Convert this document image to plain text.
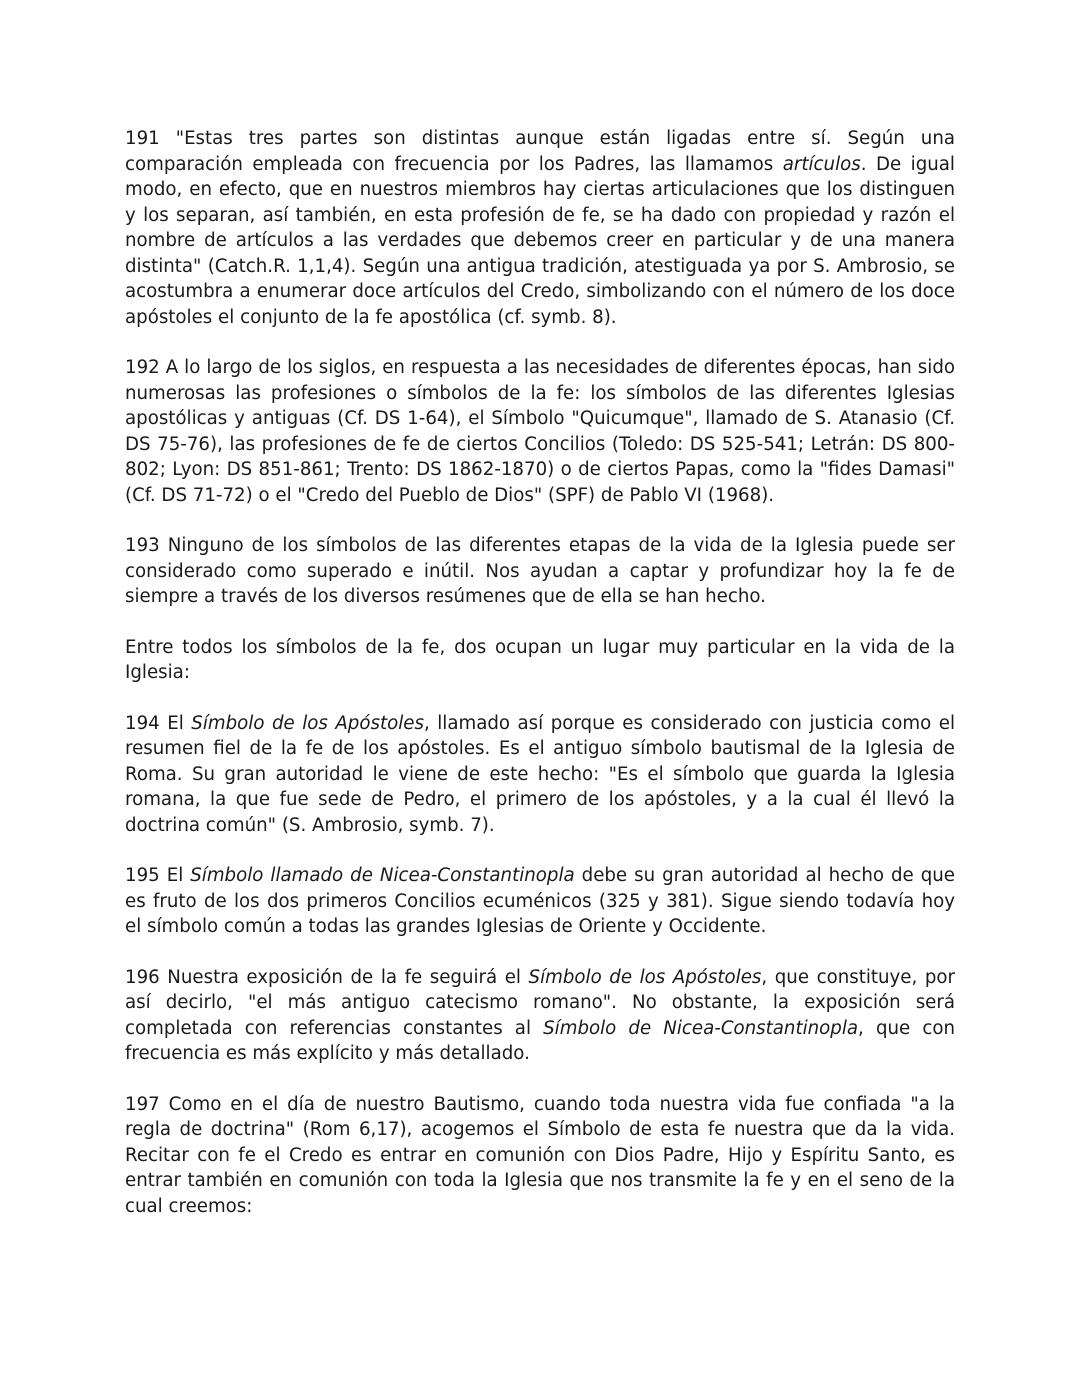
191 "Estas tres partes son distintas aunque están ligadas entre sí. Según una comparación empleada con frecuencia por los Padres, las llamamos artículos. De igual modo, en efecto, que en nuestros miembros hay ciertas articulaciones que los distinguen y los separan, así también, en esta profesión de fe, se ha dado con propiedad y razón el nombre de artículos a las verdades que debemos creer en particular y de una manera distinta" (Catch.R. 1,1,4). Según una antigua tradición, atestiguada ya por S. Ambrosio, se acostumbra a enumerar doce artículos del Credo, simbolizando con el número de los doce apóstoles el conjunto de la fe apostólica (cf. symb. 8).

192 A lo largo de los siglos, en respuesta a las necesidades de diferentes épocas, han sido numerosas las profesiones o símbolos de la fe: los símbolos de las diferentes Iglesias apostólicas y antiguas (Cf. DS 1-64), el Símbolo "Quicumque", llamado de S. Atanasio (Cf. DS 75-76), las profesiones de fe de ciertos Concilios (Toledo: DS 525-541; Letrán: DS 800-802; Lyon: DS 851-861; Trento: DS 1862-1870) o de ciertos Papas, como la "fides Damasi" (Cf. DS 71-72) o el "Credo del Pueblo de Dios" (SPF) de Pablo VI (1968).

193 Ninguno de los símbolos de las diferentes etapas de la vida de la Iglesia puede ser considerado como superado e inútil. Nos ayudan a captar y profundizar hoy la fe de siempre a través de los diversos resúmenes que de ella se han hecho.

Entre todos los símbolos de la fe, dos ocupan un lugar muy particular en la vida de la Iglesia:

194 El Símbolo de los Apóstoles, llamado así porque es considerado con justicia como el resumen fiel de la fe de los apóstoles. Es el antiguo símbolo bautismal de la Iglesia de Roma. Su gran autoridad le viene de este hecho: "Es el símbolo que guarda la Iglesia romana, la que fue sede de Pedro, el primero de los apóstoles, y a la cual él llevó la doctrina común" (S. Ambrosio, symb. 7).

195 El Símbolo llamado de Nicea-Constantinopla debe su gran autoridad al hecho de que es fruto de los dos primeros Concilios ecuménicos (325 y 381). Sigue siendo todavía hoy el símbolo común a todas las grandes Iglesias de Oriente y Occidente.

196 Nuestra exposición de la fe seguirá el Símbolo de los Apóstoles, que constituye, por así decirlo, "el más antiguo catecismo romano". No obstante, la exposición será completada con referencias constantes al Símbolo de Nicea-Constantinopla, que con frecuencia es más explícito y más detallado.

197 Como en el día de nuestro Bautismo, cuando toda nuestra vida fue confiada "a la regla de doctrina" (Rom 6,17), acogemos el Símbolo de esta fe nuestra que da la vida. Recitar con fe el Credo es entrar en comunión con Dios Padre, Hijo y Espíritu Santo, es entrar también en comunión con toda la Iglesia que nos transmite la fe y en el seno de la cual creemos:
